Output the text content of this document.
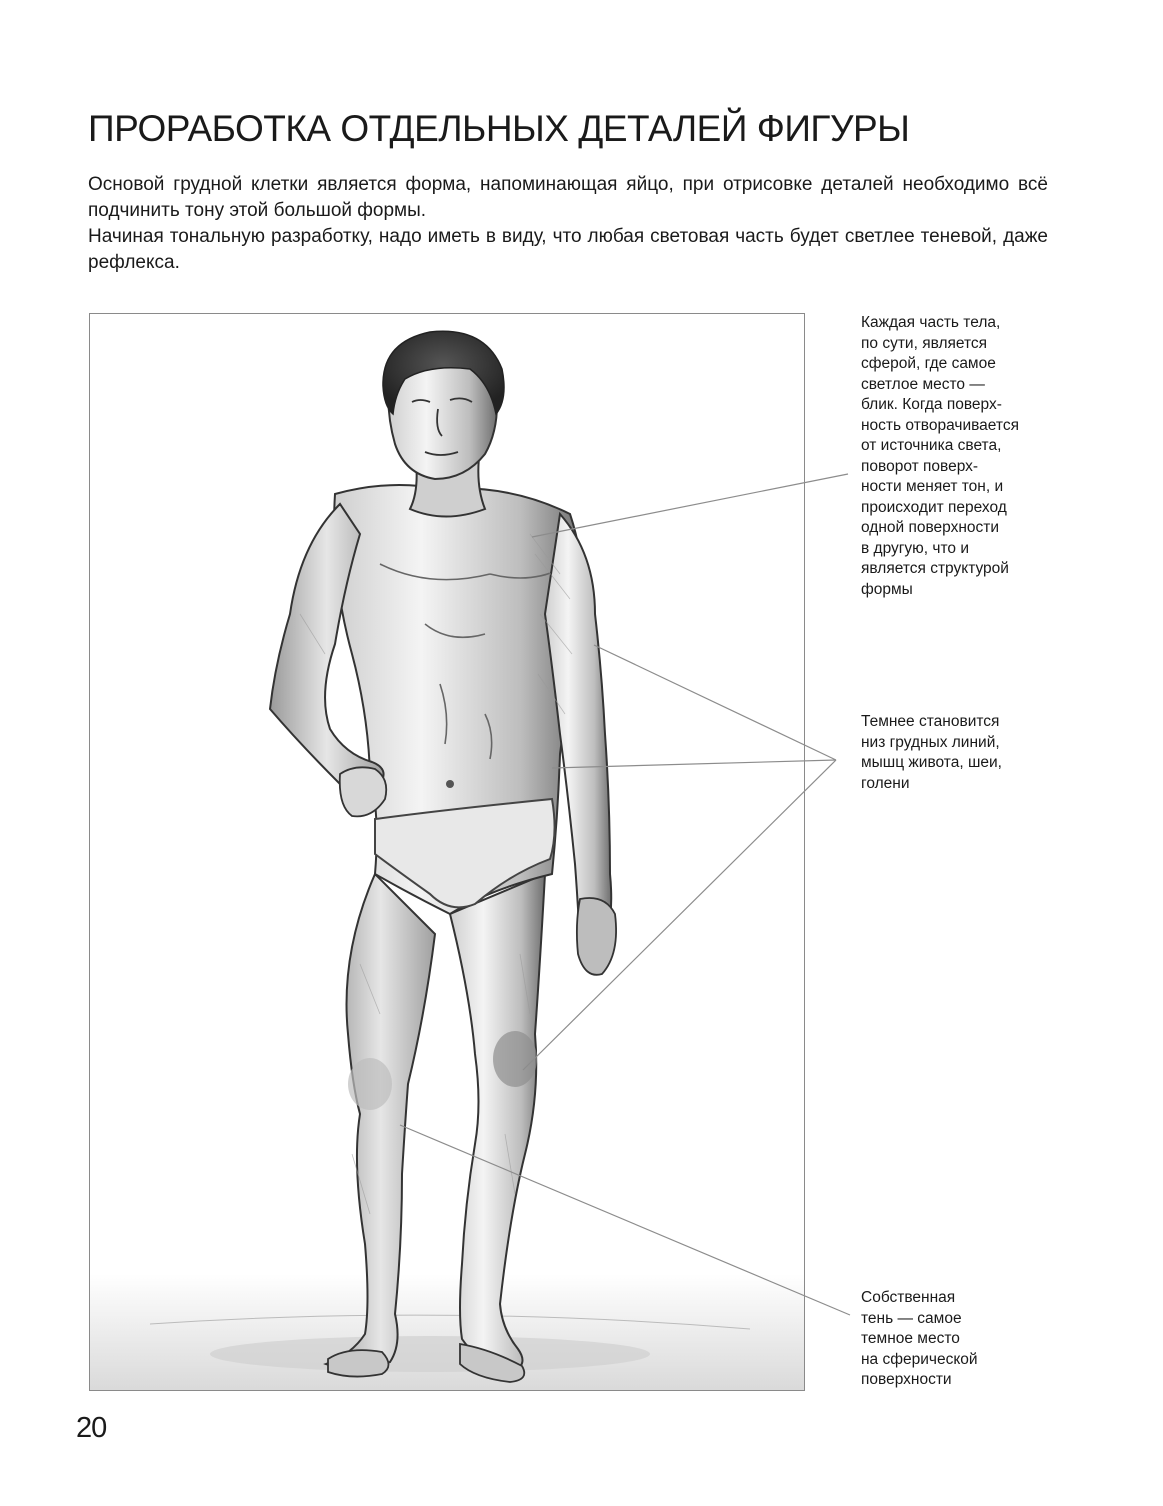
ПРОРАБОТКА ОТДЕЛЬНЫХ ДЕТАЛЕЙ ФИГУРЫ

Основой грудной клетки является форма, напоминающая яйцо, при отрисовке деталей необходимо всё подчинить тону этой большой формы.

Начиная тональную разработку, надо иметь в виду, что любая световая часть будет светлее теневой, даже рефлекса.

Каждая часть тела,
по сути, является
сферой, где самое
светлое место —
блик. Когда поверх-
ность отворачивается
от источника света,
поворот поверх-
ности меняет тон, и
происходит переход
одной поверхности
в другую, что и
является структурой
формы
Темнее становится
низ грудных линий,
мышц живота, шеи,
голени
Собственная
тень — самое
темное место
на сферической
поверхности
20
